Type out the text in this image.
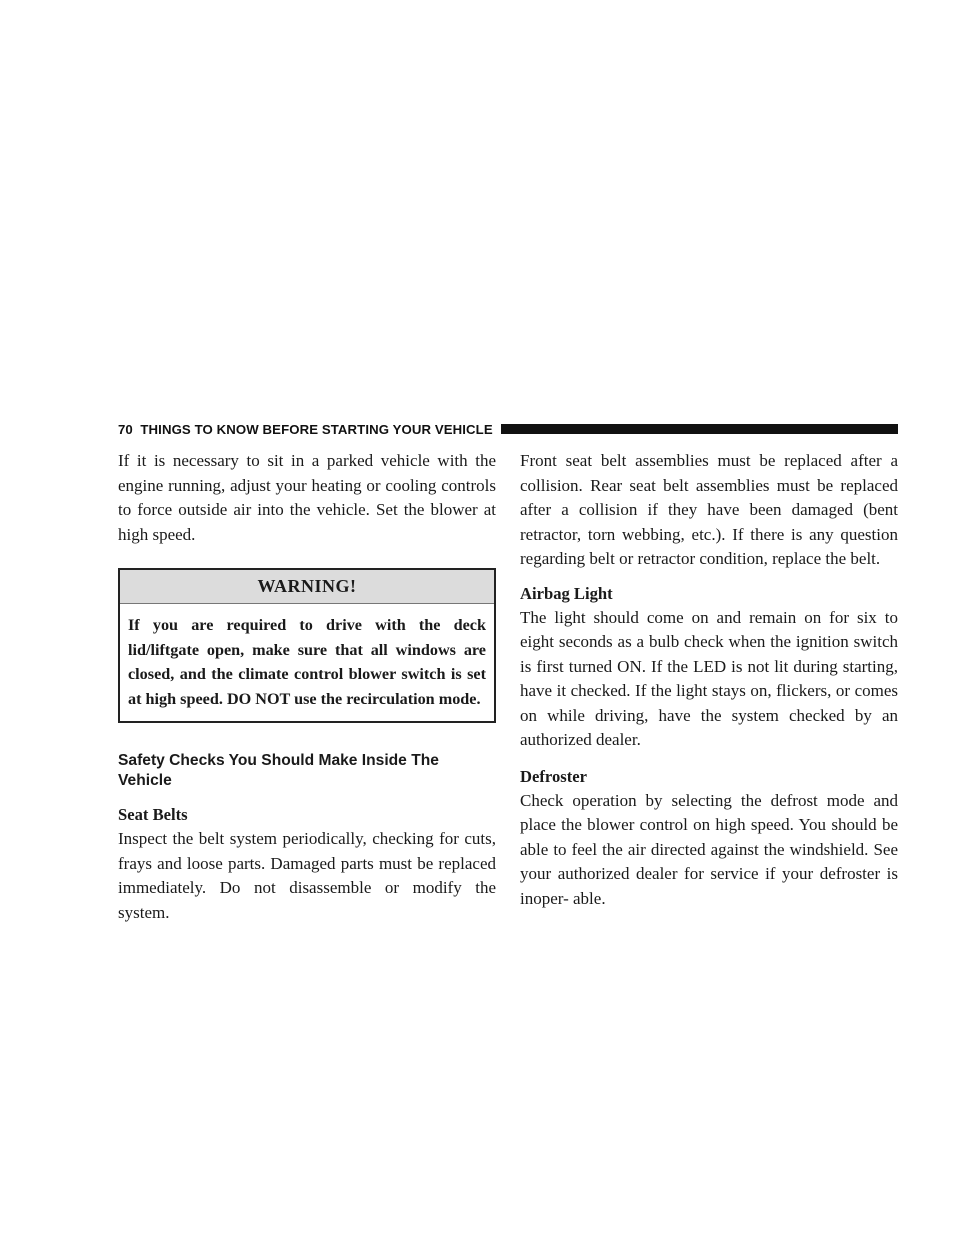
70 THINGS TO KNOW BEFORE STARTING YOUR VEHICLE

If it is necessary to sit in a parked vehicle with the engine running, adjust your heating or cooling controls to force outside air into the vehicle. Set the blower at high speed.

WARNING!
If you are required to drive with the deck lid/liftgate open, make sure that all windows are closed, and the climate control blower switch is set at high speed. DO NOT use the recirculation mode.
Safety Checks You Should Make Inside The Vehicle
Seat Belts

Inspect the belt system periodically, checking for cuts, frays and loose parts. Damaged parts must be replaced immediately. Do not disassemble or modify the system.

Front seat belt assemblies must be replaced after a collision. Rear seat belt assemblies must be replaced after a collision if they have been damaged (bent retractor, torn webbing, etc.). If there is any question regarding belt or retractor condition, replace the belt.

Airbag Light

The light should come on and remain on for six to eight seconds as a bulb check when the ignition switch is first turned ON. If the LED is not lit during starting, have it checked. If the light stays on, flickers, or comes on while driving, have the system checked by an authorized dealer.

Defroster

Check operation by selecting the defrost mode and place the blower control on high speed. You should be able to feel the air directed against the windshield. See your authorized dealer for service if your defroster is inoper- able.
